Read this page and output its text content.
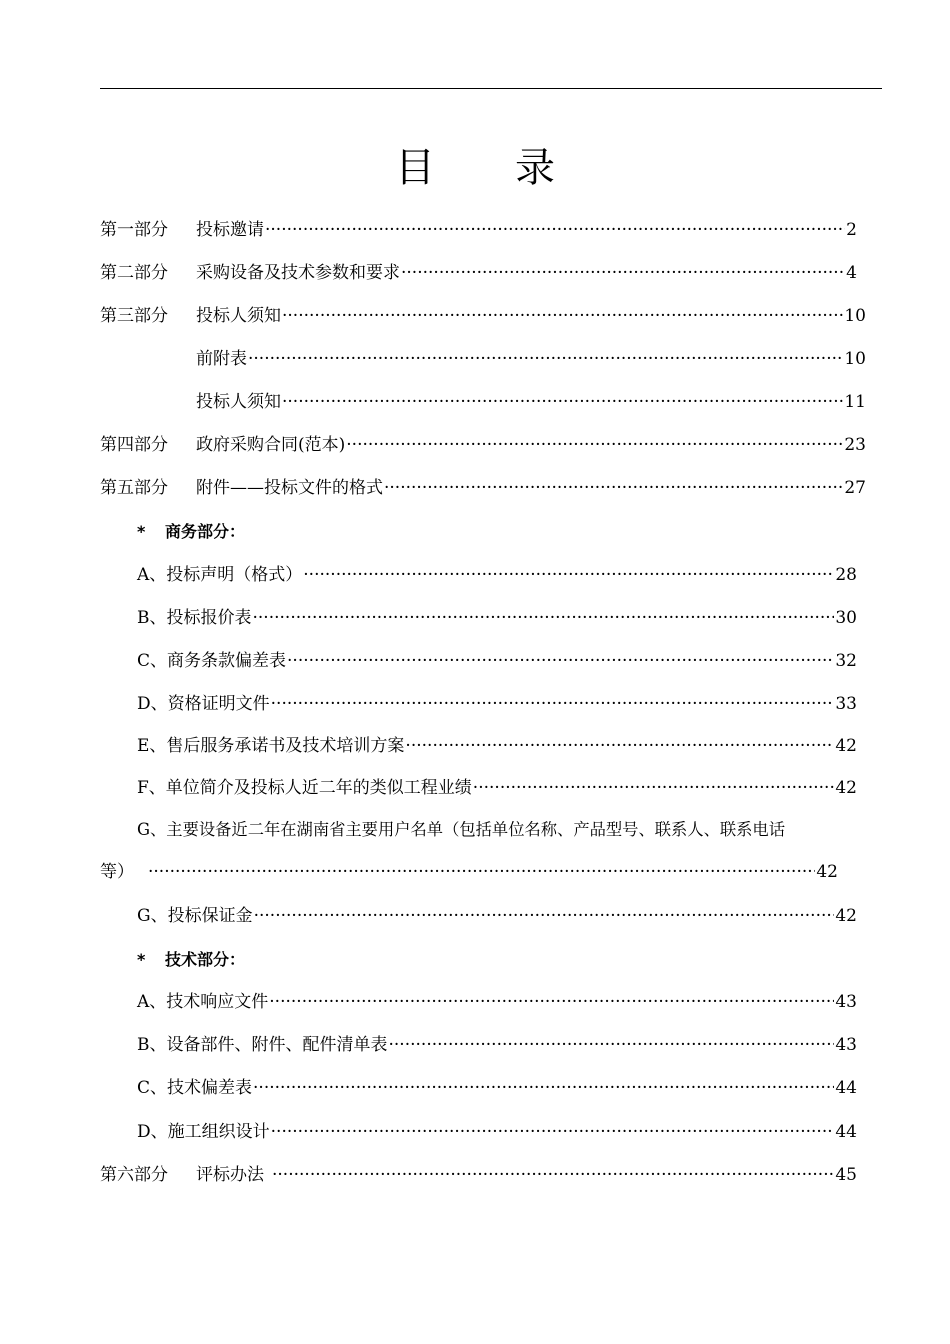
目 录
第一部分	投标邀请 ·····	2
第二部分	采购设备及技术参数和要求 ·····	4
第三部分	投标人须知 ·····	10
前附表 ·····	10
投标人须知 ·····	11
第四部分	政府采购合同(范本) ·····	23
第五部分	附件——投标文件的格式 ·····	27
* 商务部分：
A、投标声明（格式） ·····	28
B、投标报价表 ·····	30
C、商务条款偏差表 ·····	32
D、资格证明文件 ·····	33
E、售后服务承诺书及技术培训方案 ·····	42
F、单位简介及投标人近二年的类似工程业绩 ·····	42
G、主要设备近二年在湖南省主要用户名单（包括单位名称、产品型号、联系人、联系电话
等） ·····	42
G、投标保证金 ·····	42
* 技术部分：
A、技术响应文件 ·····	43
B、设备部件、附件、配件清单表 ·····	43
C、技术偏差表 ·····	44
D、施工组织设计 ·····	44
第六部分	评标办法 ·····	45
